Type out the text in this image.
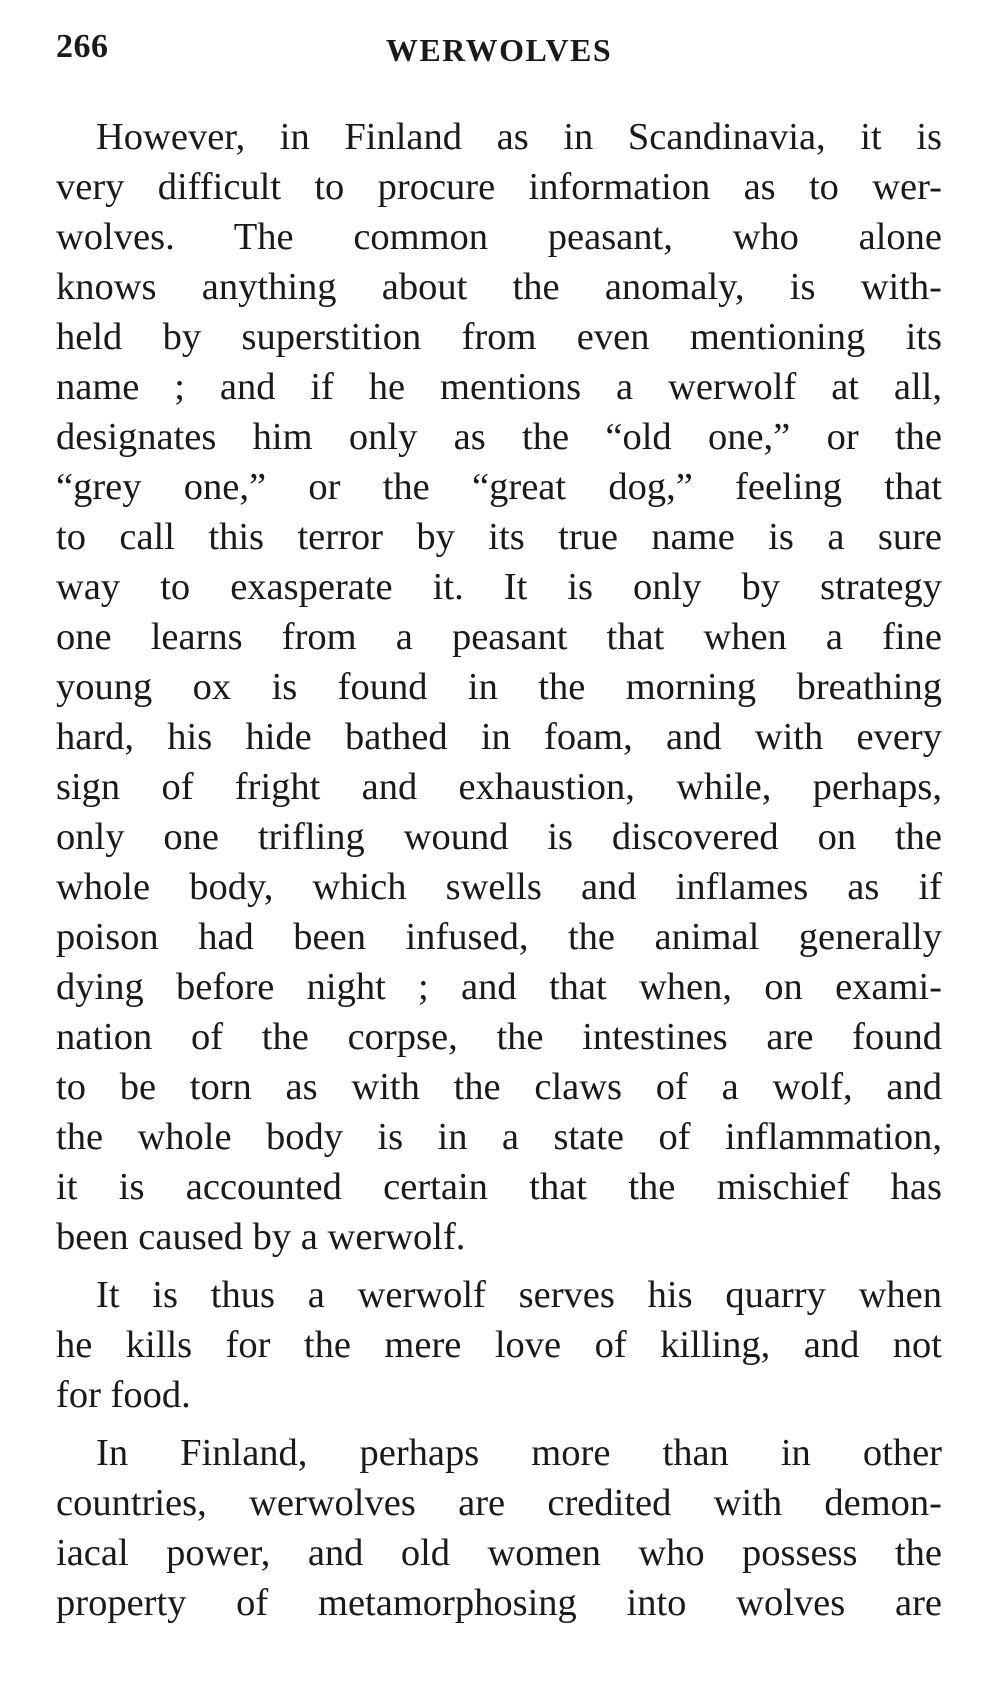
266	WERWOLVES
However, in Finland as in Scandinavia, it is
very difficult to procure information as to wer-
wolves. The common peasant, who alone
knows anything about the anomaly, is with-
held by superstition from even mentioning its
name ; and if he mentions a werwolf at all,
designates him only as the “old one,” or the
“grey one,” or the “great dog,” feeling that
to call this terror by its true name is a sure
way to exasperate it. It is only by strategy
one learns from a peasant that when a fine
young ox is found in the morning breathing
hard, his hide bathed in foam, and with every
sign of fright and exhaustion, while, perhaps,
only one trifling wound is discovered on the
whole body, which swells and inflames as if
poison had been infused, the animal generally
dying before night ; and that when, on exami-
nation of the corpse, the intestines are found
to be torn as with the claws of a wolf, and
the whole body is in a state of inflammation,
it is accounted certain that the mischief has
been caused by a werwolf.
It is thus a werwolf serves his quarry when
he kills for the mere love of killing, and not
for food.
In Finland, perhaps more than in other
countries, werwolves are credited with demon-
iacal power, and old women who possess the
property of metamorphosing into wolves are
